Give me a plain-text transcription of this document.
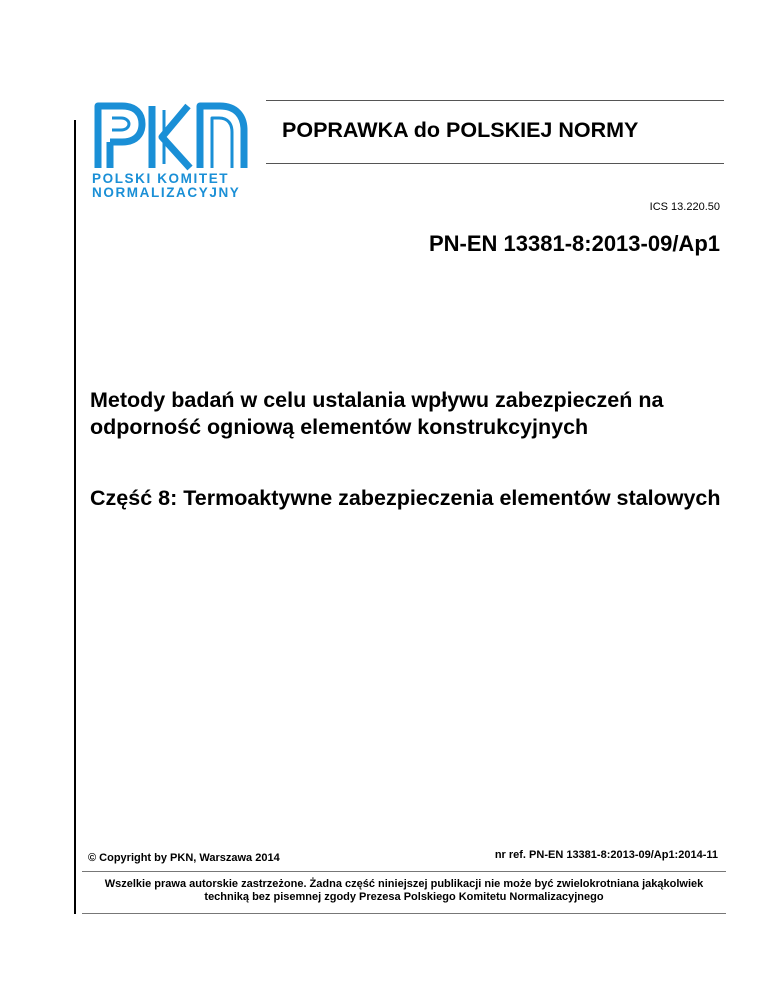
POLSKI KOMITET
NORMALIZACYJNY
POPRAWKA do POLSKIEJ NORMY
ICS 13.220.50
PN-EN 13381-8:2013-09/Ap1
Metody badań w celu ustalania wpływu zabezpieczeń na odporność ogniową elementów konstrukcyjnych
Część 8: Termoaktywne zabezpieczenia elementów stalowych
© Copyright by PKN, Warszawa 2014	nr ref. PN-EN 13381-8:2013-09/Ap1:2014-11
Wszelkie prawa autorskie zastrzeżone. Żadna część niniejszej publikacji nie może być zwielokrotniana jakąkolwiek techniką bez pisemnej zgody Prezesa Polskiego Komitetu Normalizacyjnego
